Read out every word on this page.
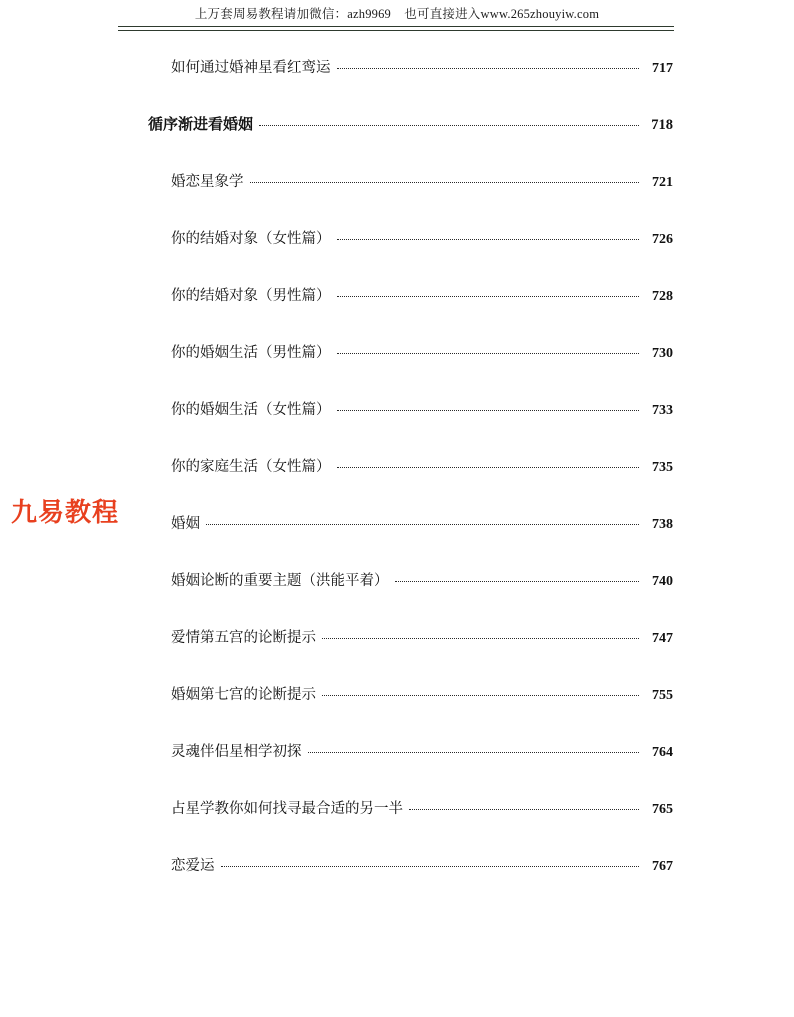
上万套周易教程请加微信：azh9969    也可直接进入www.265zhouyiw.com
九易教程
如何通过婚神星看红鸾运	717
循序渐进看婚姻	718
婚恋星象学	721
你的结婚对象（女性篇）	726
你的结婚对象（男性篇）	728
你的婚姻生活（男性篇）	730
你的婚姻生活（女性篇）	733
你的家庭生活（女性篇）	735
婚姻	738
婚姻论断的重要主题（洪能平着）	740
爱情第五宫的论断提示	747
婚姻第七宫的论断提示	755
灵魂伴侣星相学初探	764
占星学教你如何找寻最合适的另一半	765
恋爱运	767
